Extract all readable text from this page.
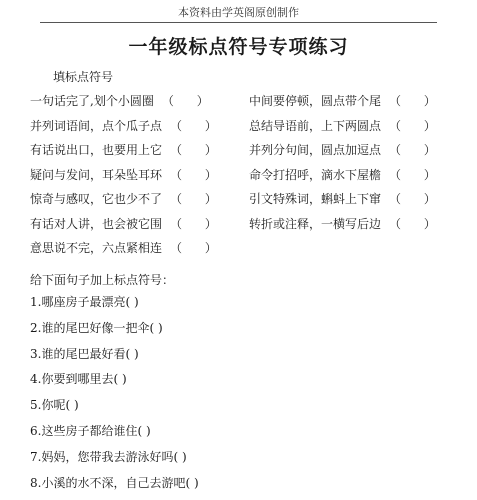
本资料由学英阁原创制作
一年级标点符号专项练习
填标点符号
一句话完了,划个小圆圈 （ ）	中间要停顿，圆点带个尾 （ ）
并列词语间，点个瓜子点 （ ）	总结导语前，上下两圆点 （ ）
有话说出口，也要用上它 （ ）	并列分句间，圆点加逗点 （ ）
疑问与发问，耳朵坠耳环 （ ）	命令打招呼，滴水下屋檐 （ ）
惊奇与感叹，它也少不了 （ ）	引文特殊词，蝌蚪上下窜 （ ）
有话对人讲，也会被它围 （ ）	转折或注释，一横写后边 （ ）
意思说不完，六点紧相连 （ ）
给下面句子加上标点符号：
1.哪座房子最漂亮( )
2.谁的尾巴好像一把伞( )
3.谁的尾巴最好看( )
4.你要到哪里去( )
5.你呢( )
6.这些房子都给谁住( )
7.妈妈，您带我去游泳好吗( )
8.小溪的水不深，自己去游吧( )
